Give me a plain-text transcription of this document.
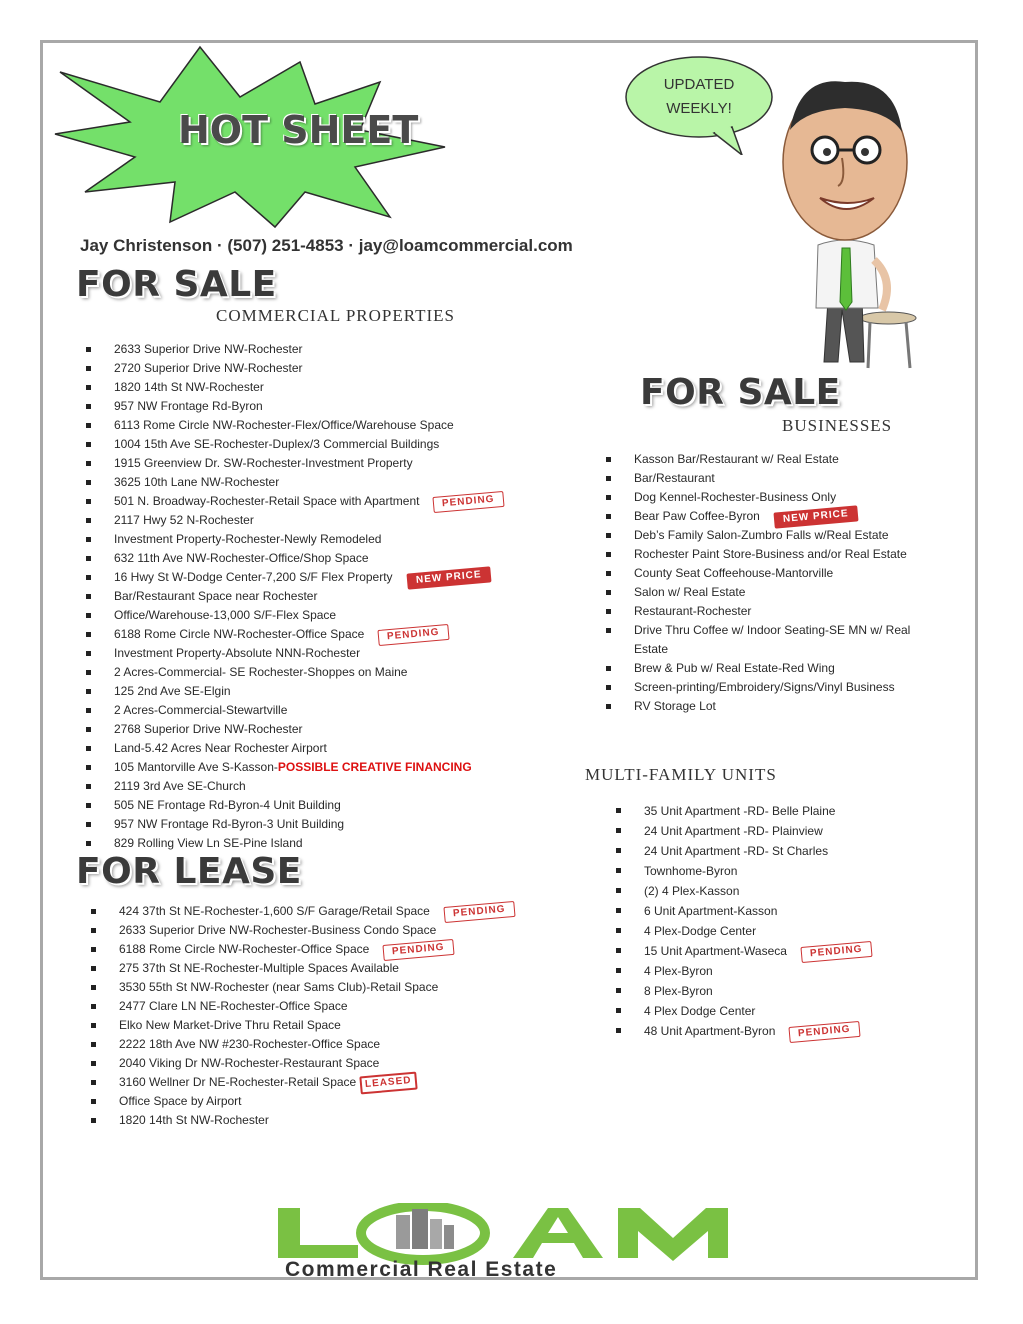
HOT SHEET
UPDATED
WEEKLY!
Jay Christenson · (507) 251-4853 · jay@loamcommercial.com
FOR SALE
COMMERCIAL PROPERTIES
2633 Superior Drive NW-Rochester
2720 Superior Drive NW-Rochester
1820 14th St NW-Rochester
957 NW Frontage Rd-Byron
6113 Rome Circle NW-Rochester-Flex/Office/Warehouse Space
1004 15th Ave SE-Rochester-Duplex/3 Commercial Buildings
1915 Greenview Dr. SW-Rochester-Investment Property
3625 10th Lane NW-Rochester
501 N. Broadway-Rochester-Retail Space with Apartment PENDING
2117 Hwy 52 N-Rochester
Investment Property-Rochester-Newly Remodeled
632 11th Ave NW-Rochester-Office/Shop Space
16 Hwy St W-Dodge Center-7,200 S/F Flex Property NEW PRICE
Bar/Restaurant Space near Rochester
Office/Warehouse-13,000 S/F-Flex Space
6188 Rome Circle NW-Rochester-Office Space PENDING
Investment Property-Absolute NNN-Rochester
2 Acres-Commercial- SE Rochester-Shoppes on Maine
125 2nd Ave SE-Elgin
2 Acres-Commercial-Stewartville
2768 Superior Drive NW-Rochester
Land-5.42 Acres Near Rochester Airport
105 Mantorville Ave S-Kasson-POSSIBLE CREATIVE FINANCING
2119 3rd Ave SE-Church
505 NE Frontage Rd-Byron-4 Unit Building
957 NW Frontage Rd-Byron-3 Unit Building
829 Rolling View Ln SE-Pine Island
FOR LEASE
424 37th St NE-Rochester-1,600 S/F Garage/Retail Space PENDING
2633 Superior Drive NW-Rochester-Business Condo Space
6188 Rome Circle NW-Rochester-Office Space PENDING
275 37th St NE-Rochester-Multiple Spaces Available
3530 55th St NW-Rochester (near Sams Club)-Retail Space
2477 Clare LN NE-Rochester-Office Space
Elko New Market-Drive Thru Retail Space
2222 18th Ave NW #230-Rochester-Office Space
2040 Viking Dr NW-Rochester-Restaurant Space
3160 Wellner Dr NE-Rochester-Retail Space LEASED
Office Space by Airport
1820 14th St NW-Rochester
FOR SALE
BUSINESSES
Kasson Bar/Restaurant w/ Real Estate
Bar/Restaurant
Dog Kennel-Rochester-Business Only
Bear Paw Coffee-Byron NEW PRICE
Deb’s Family Salon-Zumbro Falls w/Real Estate
Rochester Paint Store-Business and/or Real Estate
County Seat Coffeehouse-Mantorville
Salon w/ Real Estate
Restaurant-Rochester
Drive Thru Coffee w/ Indoor Seating-SE MN w/ Real Estate
Brew & Pub w/ Real Estate-Red Wing
Screen-printing/Embroidery/Signs/Vinyl Business
RV Storage Lot
MULTI-FAMILY UNITS
35 Unit Apartment -RD- Belle Plaine
24 Unit Apartment -RD- Plainview
24 Unit Apartment -RD- St Charles
Townhome-Byron
(2) 4 Plex-Kasson
6 Unit Apartment-Kasson
4 Plex-Dodge Center
15 Unit Apartment-Waseca PENDING
4 Plex-Byron
8 Plex-Byron
4 Plex Dodge Center
48 Unit Apartment-Byron PENDING
Commercial Real Estate
